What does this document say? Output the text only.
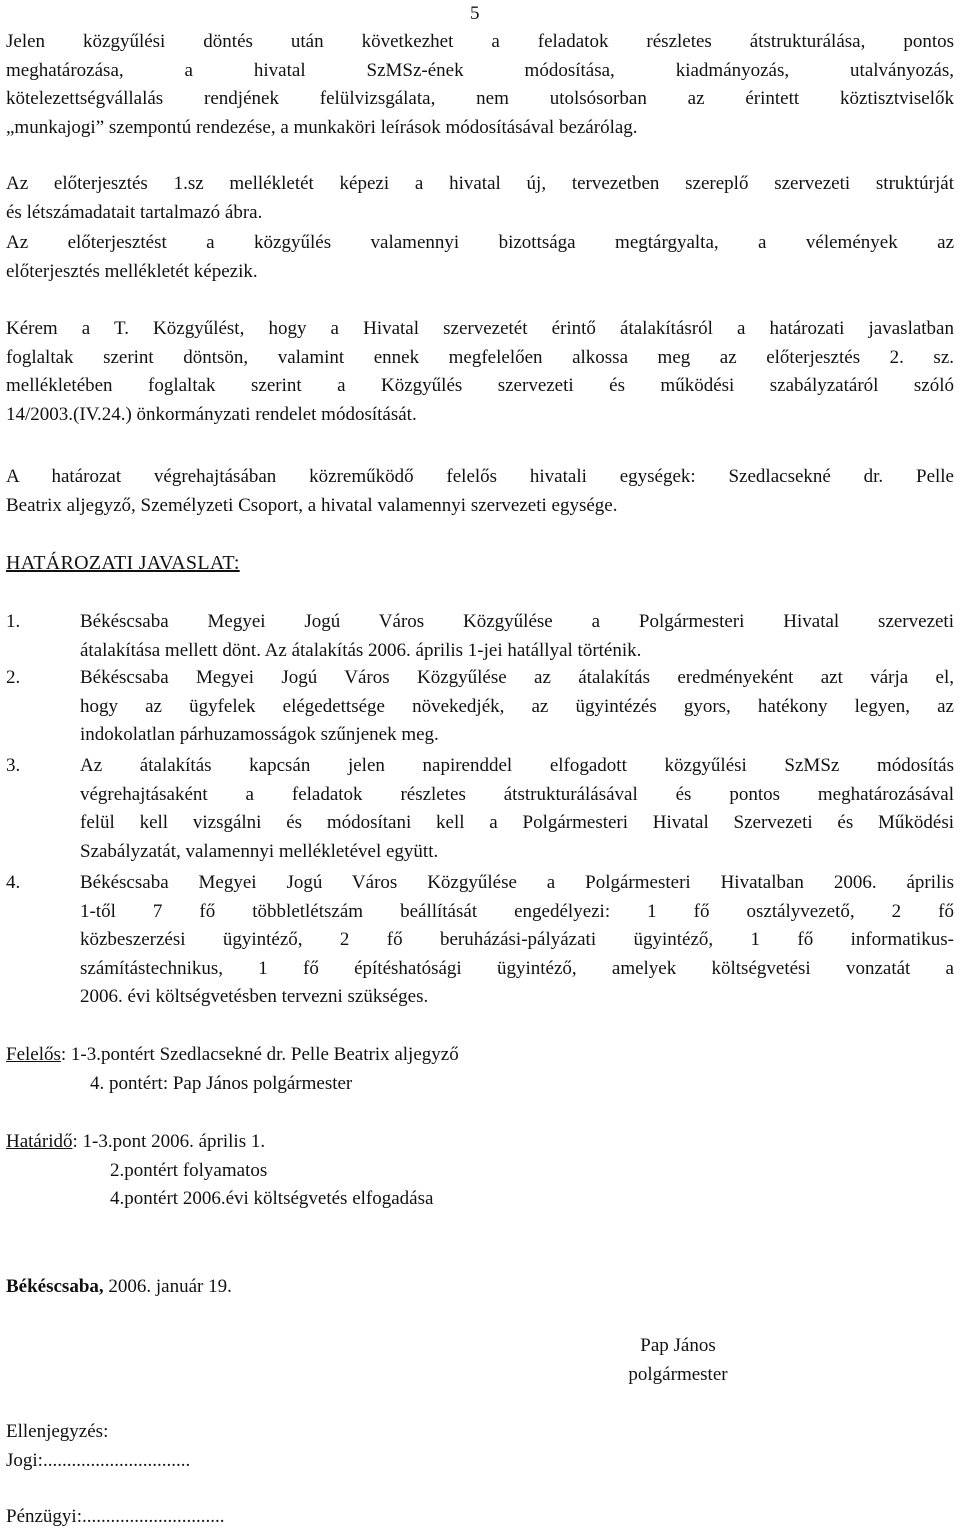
5
Jelen közgyűlési döntés után következhet a feladatok részletes átstrukturálása, pontos
meghatározása, a hivatal SzMSz-ének módosítása, kiadmányozás, utalványozás,
kötelezettségvállalás rendjének felülvizsgálata, nem utolsósorban az érintett köztisztviselők
„munkajogi” szempontú rendezése, a munkaköri leírások módosításával bezárólag.
Az előterjesztés 1.sz mellékletét képezi a hivatal új, tervezetben szereplő szervezeti struktúrját
és létszámadatait tartalmazó ábra.
Az előterjesztést a közgyűlés valamennyi bizottsága megtárgyalta, a vélemények az
előterjesztés mellékletét képezik.
Kérem a T. Közgyűlést, hogy a Hivatal szervezetét érintő átalakításról a határozati javaslatban
foglaltak szerint döntsön, valamint ennek megfelelően alkossa meg az előterjesztés 2. sz.
mellékletében foglaltak szerint a Közgyűlés szervezeti és működési szabályzatáról szóló
14/2003.(IV.24.) önkormányzati rendelet módosítását.
A határozat végrehajtásában közreműködő felelős hivatali egységek: Szedlacsekné dr. Pelle
Beatrix aljegyző, Személyzeti Csoport, a hivatal valamennyi szervezeti egysége.
HATÁROZATI JAVASLAT:
1.	Békéscsaba Megyei Jogú Város Közgyűlése a Polgármesteri Hivatal szervezeti
átalakítása mellett dönt. Az átalakítás 2006. április 1-jei hatállyal történik.
2.	Békéscsaba Megyei Jogú Város Közgyűlése az átalakítás eredményeként azt várja el,
hogy az ügyfelek elégedettsége növekedjék, az ügyintézés gyors, hatékony legyen, az
indokolatlan párhuzamosságok szűnjenek meg.
3.	Az átalakítás kapcsán jelen napirenddel elfogadott közgyűlési SzMSz módosítás
végrehajtásaként a feladatok részletes átstrukturálásával és pontos meghatározásával
felül kell vizsgálni és módosítani kell a Polgármesteri Hivatal Szervezeti és Működési
Szabályzatát, valamennyi mellékletével együtt.
4.	Békéscsaba Megyei Jogú Város Közgyűlése a Polgármesteri Hivatalban 2006. április
1-től 7 fő többletlétszám beállítását engedélyezi: 1 fő osztályvezető, 2 fő
közbeszerzési ügyintéző, 2 fő beruházási-pályázati ügyintéző, 1 fő informatikus-
számítástechnikus, 1 fő építéshatósági ügyintéző, amelyek költségvetési vonzatát a
2006. évi költségvetésben tervezni szükséges.
Felelős: 1-3.pontért Szedlacsekné dr. Pelle Beatrix aljegyző
4. pontért: Pap János polgármester
Határidő: 1-3.pont 2006. április 1.
2.pontért folyamatos
4.pontért 2006.évi költségvetés elfogadása
Békéscsaba, 2006. január 19.
Pap János
polgármester
Ellenjegyzés:
Jogi:...............................
Pénzügyi:..............................
